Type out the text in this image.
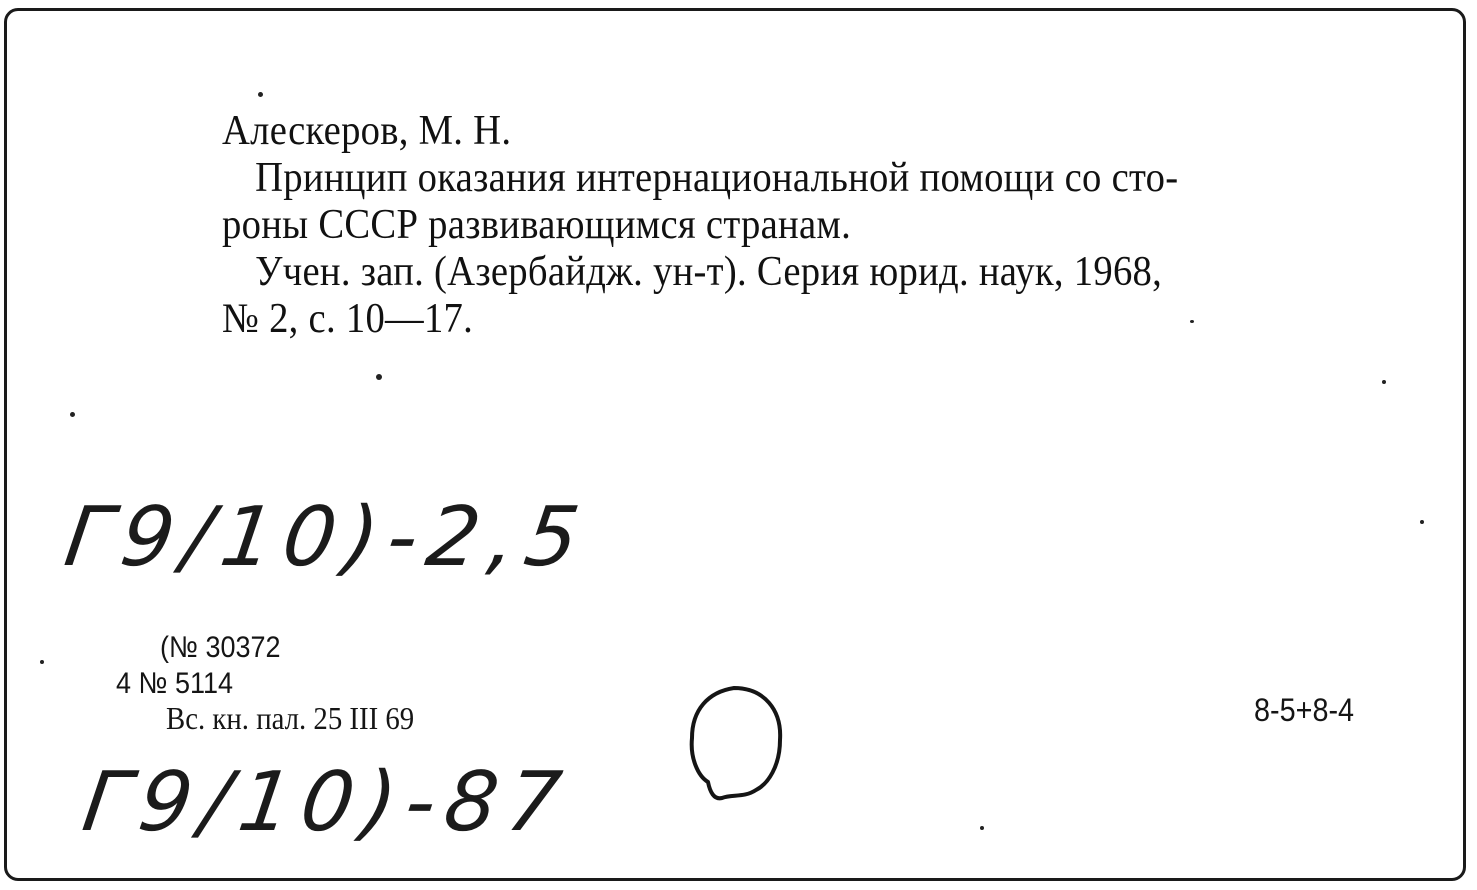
Алескеров, М. Н.
Принцип оказания интернациональной помощи со сто-
роны СССР развивающимся странам.
Учен. зап. (Азербайдж. ун-т). Серия юрид. наук, 1968,
№ 2, с. 10—17.
Г9/10)-2,5
(№ 30372
4 № 5114
Вс. кн. пал. 25 III 69	8-5+8-4
Г9/10)-87
